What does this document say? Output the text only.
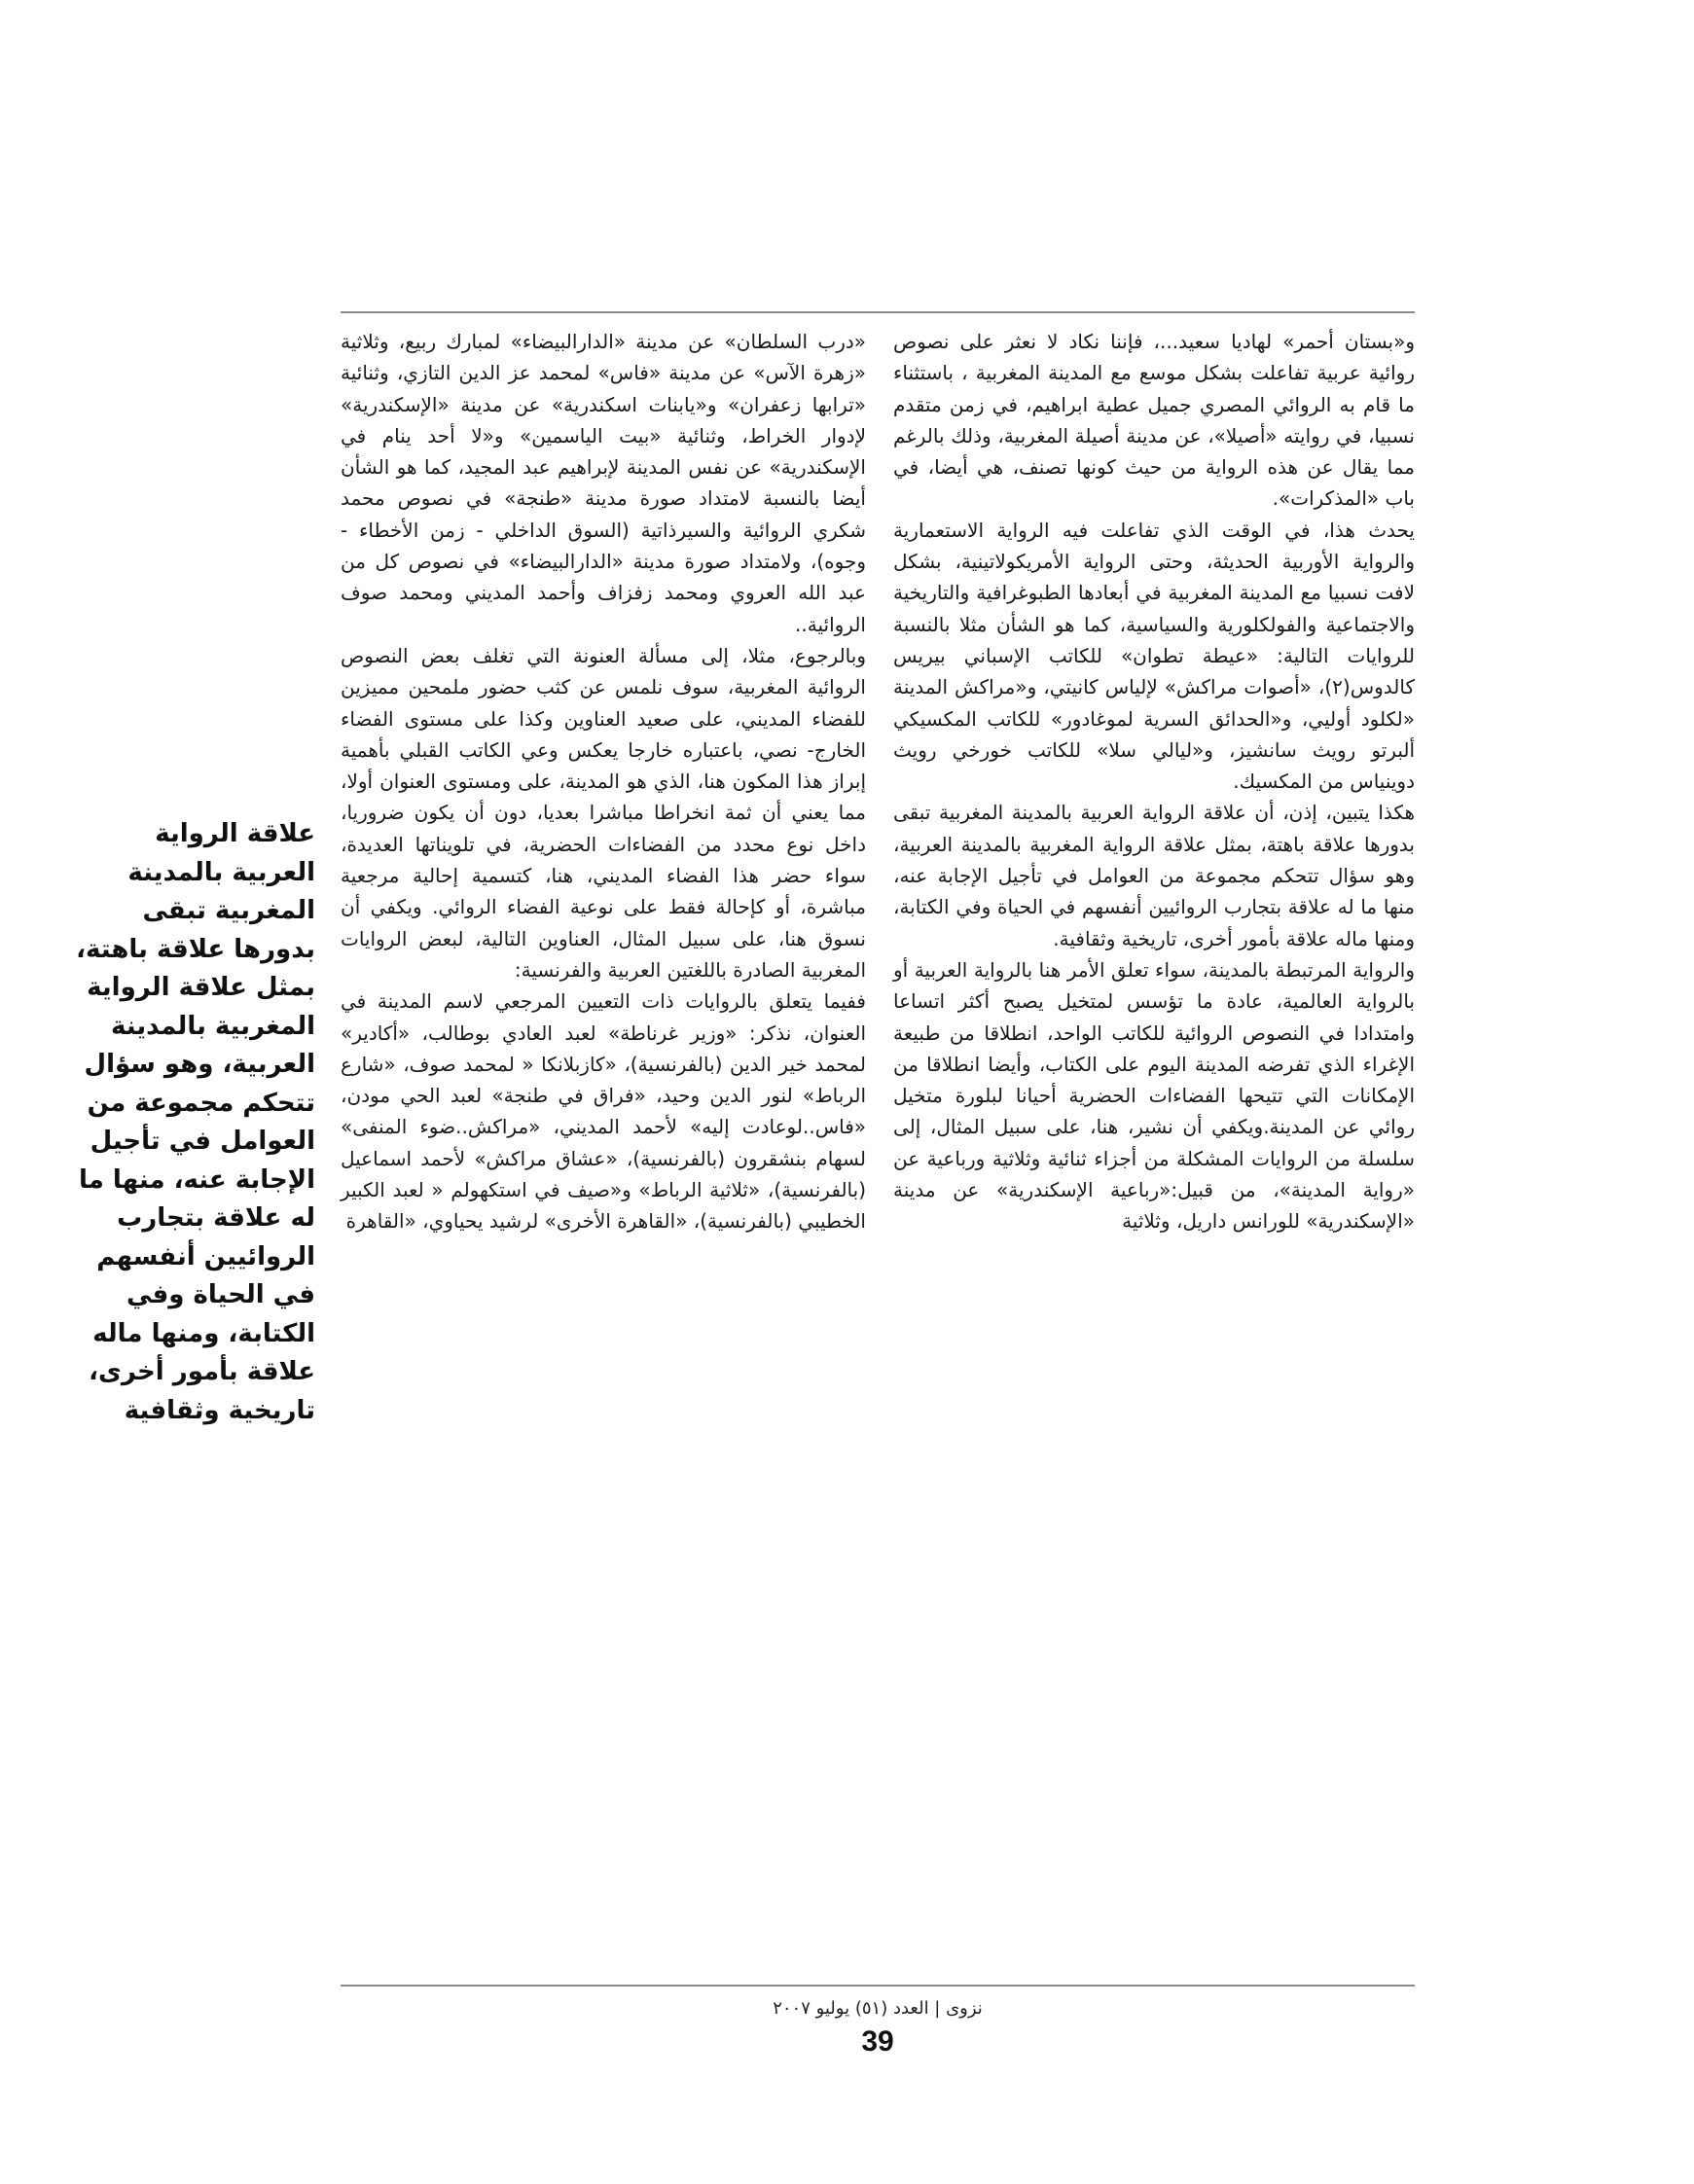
و«بستان أحمر» لهاديا سعيد...، فإننا نكاد لا نعثر على نصوص روائية عربية تفاعلت بشكل موسع مع المدينة المغربية ، باستثناء ما قام به الروائي المصري جميل عطية ابراهيم، في زمن متقدم نسبيا، في روايته «أصيلا»، عن مدينة أصيلة المغربية، وذلك بالرغم مما يقال عن هذه الرواية من حيث كونها تصنف، هي أيضا، في باب «المذكرات».

يحدث هذا، في الوقت الذي تفاعلت فيه الرواية الاستعمارية والرواية الأوربية الحديثة، وحتى الرواية الأمريكولاتينية، بشكل لافت نسبيا مع المدينة المغربية في أبعادها الطبوغرافية والتاريخية والاجتماعية والفولكلورية والسياسية، كما هو الشأن مثلا بالنسبة للروايات التالية: «عيطة تطوان» للكاتب الإسباني بيريس كالدوس(٢)، «أصوات مراكش» لإلياس كانيتي، و«مراكش المدينة «لكلود أوليي، و«الحدائق السرية لموغادور» للكاتب المكسيكي ألبرتو رويث سانشيز، و«ليالي سلا» للكاتب خورخي رويث دوينياس من المكسيك.

هكذا يتبين، إذن، أن علاقة الرواية العربية بالمدينة المغربية تبقى بدورها علاقة باهتة، بمثل علاقة الرواية المغربية بالمدينة العربية، وهو سؤال تتحكم مجموعة من العوامل في تأجيل الإجابة عنه، منها ما له علاقة بتجارب الروائيين أنفسهم في الحياة وفي الكتابة، ومنها ماله علاقة بأمور أخرى، تاريخية وثقافية.

والرواية المرتبطة بالمدينة، سواء تعلق الأمر هنا بالرواية العربية أو بالرواية العالمية، عادة ما تؤسس لمتخيل يصبح أكثر اتساعا وامتدادا في النصوص الروائية للكاتب الواحد، انطلاقا من طبيعة الإغراء الذي تفرضه المدينة اليوم على الكتاب، وأيضا انطلاقا من الإمكانات التي تتيحها الفضاءات الحضرية أحيانا لبلورة متخيل روائي عن المدينة.ويكفي أن نشير، هنا، على سبيل المثال، إلى سلسلة من الروايات المشكلة من أجزاء ثنائية وثلاثية ورباعية عن «رواية المدينة»، من قبيل:«رباعية الإسكندرية» عن مدينة «الإسكندرية» للورانس داريل، وثلاثية

«درب السلطان» عن مدينة «الدارالبيضاء» لمبارك ربيع، وثلاثية «زهرة الآس» عن مدينة «فاس» لمحمد عز الدين التازي، وثنائية «ترابها زعفران» و«يابنات اسكندرية» عن مدينة «الإسكندرية» لإدوار الخراط، وثنائية «بيت الياسمين» و«لا أحد ينام في الإسكندرية» عن نفس المدينة لإبراهيم عبد المجيد، كما هو الشأن أيضا بالنسبة لامتداد صورة مدينة «طنجة» في نصوص محمد شكري الروائية والسيرذاتية (السوق الداخلي - زمن الأخطاء - وجوه)، ولامتداد صورة مدينة «الدارالبيضاء» في نصوص كل من عبد الله العروي ومحمد زفزاف وأحمد المديني ومحمد صوف الروائية..

وبالرجوع، مثلا، إلى مسألة العنونة التي تغلف بعض النصوص الروائية المغربية، سوف نلمس عن كثب حضور ملمحين مميزين للفضاء المديني، على صعيد العناوين وكذا على مستوى الفضاء الخارج- نصي، باعتباره خارجا يعكس وعي الكاتب القبلي بأهمية إبراز هذا المكون هنا، الذي هو المدينة، على ومستوى العنوان أولا، مما يعني أن ثمة انخراطا مباشرا بعديا، دون أن يكون ضروريا، داخل نوع محدد من الفضاءات الحضرية، في تلويناتها العديدة، سواء حضر هذا الفضاء المديني، هنا، كتسمية إحالية مرجعية مباشرة، أو كإحالة فقط على نوعية الفضاء الروائي. ويكفي أن نسوق هنا، على سبيل المثال، العناوين التالية، لبعض الروايات المغربية الصادرة باللغتين العربية والفرنسية:

ففيما يتعلق بالروايات ذات التعيين المرجعي لاسم المدينة في العنوان، نذكر: «وزير غرناطة» لعبد العادي بوطالب، «أكادير» لمحمد خير الدين (بالفرنسية)، «كازبلانكا « لمحمد صوف، «شارع الرباط» لنور الدين وحيد، «فراق في طنجة» لعبد الحي مودن، «فاس..لوعادت إليه» لأحمد المديني، «مراكش..ضوء المنفى» لسهام بنشقرون (بالفرنسية)، «عشاق مراكش» لأحمد اسماعيل (بالفرنسية)، «ثلاثية الرباط» و«صيف في استكهولم « لعبد الكبير الخطيبي (بالفرنسية)، «القاهرة الأخرى» لرشيد يحياوي، «القاهرة

علاقة الرواية العربية بالمدينة المغربية تبقى بدورها علاقة باهتة، بمثل علاقة الرواية المغربية بالمدينة العربية، وهو سؤال تتحكم مجموعة من العوامل في تأجيل الإجابة عنه، منها ما له علاقة بتجارب الروائيين أنفسهم في الحياة وفي الكتابة، ومنها ماله علاقة بأمور أخرى، تاريخية وثقافية
نزوى | العدد (٥١) يوليو ٢٠٠٧
39
